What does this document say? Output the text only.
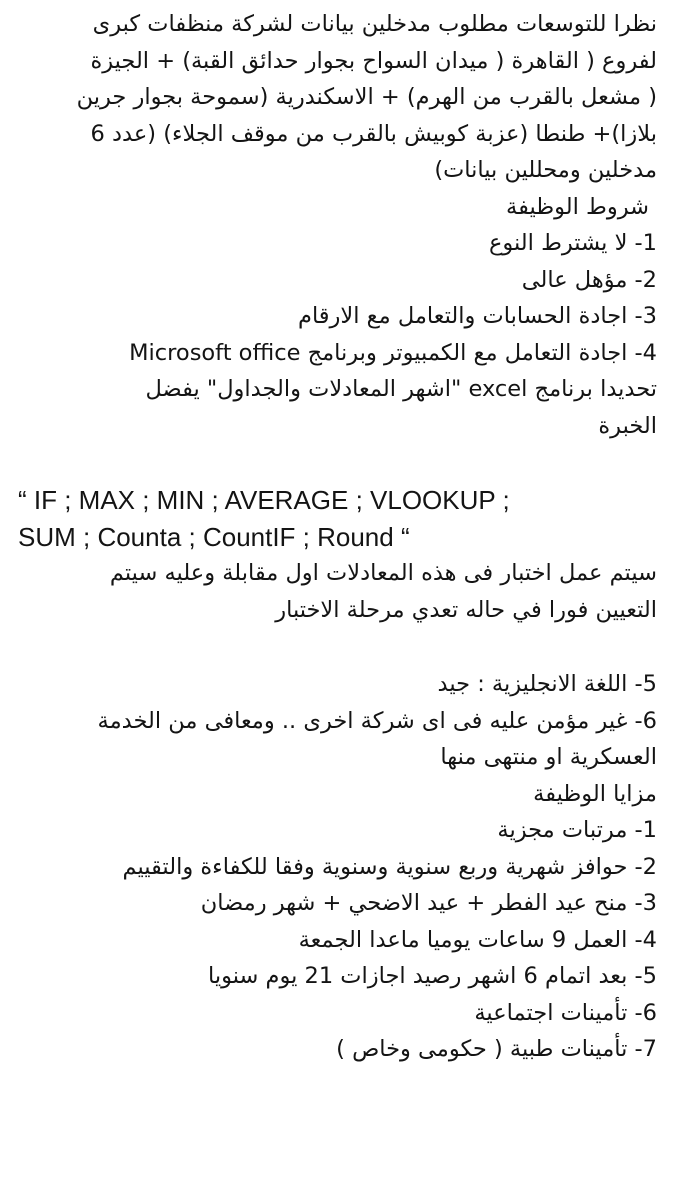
نظرا للتوسعات مطلوب مدخلين بيانات لشركة منظفات كبرى
لفروع ( القاهرة ( ميدان السواح بجوار حدائق القبة) + الجيزة
( مشعل بالقرب من الهرم) + الاسكندرية (سموحة بجوار جرين
بلازا)+ طنطا (عزبة كوبيش بالقرب من موقف الجلاء) (عدد 6
مدخلين ومحللين بيانات)
شروط الوظيفة
1- لا يشترط النوع
2- مؤهل عالى
3- اجادة الحسابات والتعامل مع الارقام
4- اجادة التعامل مع الكمبيوتر وبرنامج Microsoft office
تحديدا برنامج excel "اشهر المعادلات والجداول" يفضل
الخبرة
“ IF ; MAX ; MIN ; AVERAGE ; VLOOKUP ;
SUM ; Counta ; CountIF ; Round “
سيتم عمل اختبار فى هذه المعادلات اول مقابلة وعليه سيتم
التعيين فورا في حاله تعدي مرحلة الاختبار
5- اللغة الانجليزية : جيد
6- غير مؤمن عليه فى اى شركة اخرى .. ومعافى من الخدمة
العسكرية او منتهى منها
مزايا الوظيفة
1- مرتبات مجزية
2- حوافز شهرية وربع سنوية وسنوية وفقا للكفاءة والتقييم
3- منح عيد الفطر + عيد الاضحي + شهر رمضان
4- العمل 9 ساعات يوميا ماعدا الجمعة
5- بعد اتمام 6 اشهر رصيد اجازات 21 يوم سنويا
6- تأمينات اجتماعية
7- تأمينات طبية ( حكومى وخاص )
